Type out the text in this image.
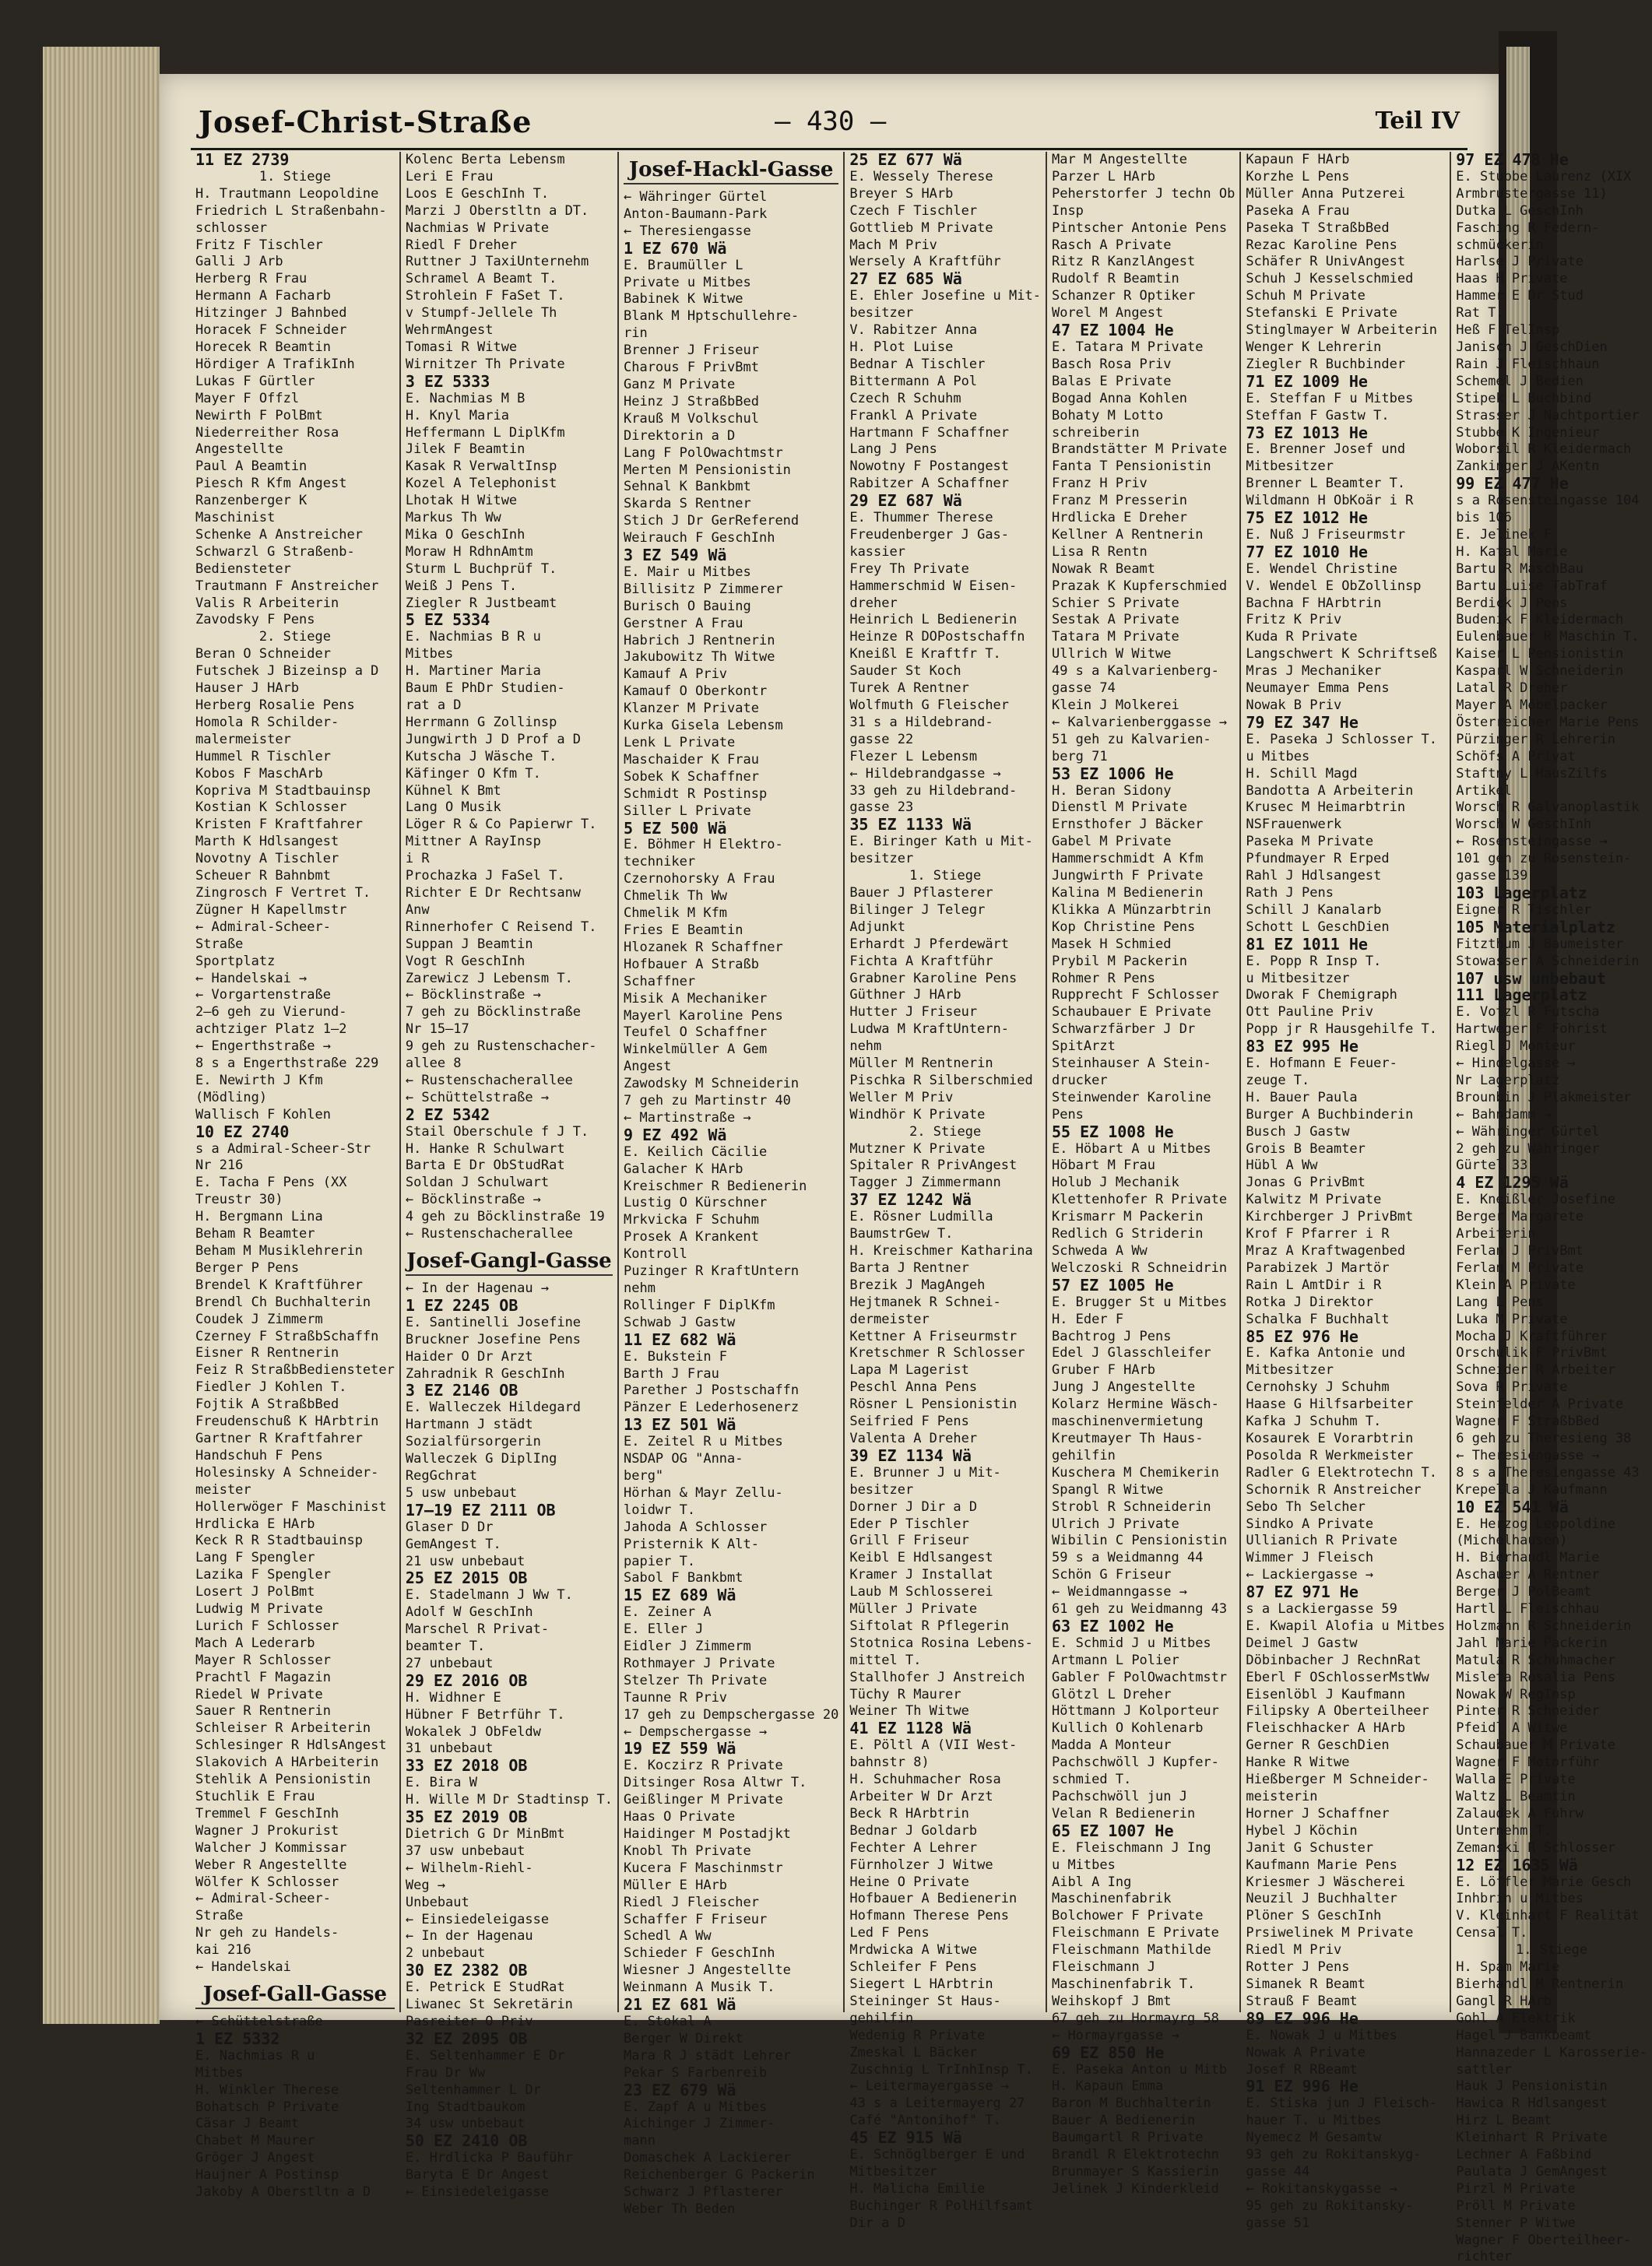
Josef-Christ-Straße	— 430 —	Teil IV
11 EZ 2739
1. Stiege
H. Trautmann Leopoldine
Friedrich L Straßenbahn-
schlosser
Fritz F Tischler
Galli J Arb
Herberg R Frau
Hermann A Facharb
Hitzinger J Bahnbed
Horacek F Schneider
Horecek R Beamtin
Hördiger A TrafikInh
Lukas F Gürtler
Mayer F Offzl
Newirth F PolBmt
Niederreither Rosa
Angestellte
Paul A Beamtin
Piesch R Kfm Angest
Ranzenberger K
Maschinist
Schenke A Anstreicher
Schwarzl G Straßenb-
Bediensteter
Trautmann F Anstreicher
Valis R Arbeiterin
Zavodsky F Pens
2. Stiege
Beran O Schneider
Futschek J Bizeinsp a D
Hauser J HArb
Herberg Rosalie Pens
Homola R Schilder-
malermeister
Hummel R Tischler
Kobos F MaschArb
Kopriva M Stadtbauinsp
Kostian K Schlosser
Kristen F Kraftfahrer
Marth K Hdlsangest
Novotny A Tischler
Scheuer R Bahnbmt
Zingrosch F Vertret T.
Zügner H Kapellmstr
← Admiral-Scheer-
Straße
Sportplatz
← Handelskai →
← Vorgartenstraße
2—6 geh zu Vierund-
achtziger Platz 1—2
← Engerthstraße →
8 s a Engerthstraße 229
E. Newirth J Kfm
(Mödling)
Wallisch F Kohlen
10 EZ 2740
s a Admiral-Scheer-Str
Nr 216
E. Tacha F Pens (XX
Treustr 30)
H. Bergmann Lina
Beham R Beamter
Beham M Musiklehrerin
Berger P Pens
Brendel K Kraftführer
Brendl Ch Buchhalterin
Coudek J Zimmerm
Czerney F StraßbSchaffn
Eisner R Rentnerin
Feiz R StraßbBediensteter
Fiedler J Kohlen T.
Fojtik A StraßbBed
Freudenschuß K HArbtrin
Gartner R Kraftfahrer
Handschuh F Pens
Holesinsky A Schneider-
meister
Hollerwöger F Maschinist
Hrdlicka E HArb
Keck R R Stadtbauinsp
Lang F Spengler
Lazika F Spengler
Losert J PolBmt
Ludwig M Private
Lurich F Schlosser
Mach A Lederarb
Mayer R Schlosser
Prachtl F Magazin
Riedel W Private
Sauer R Rentnerin
Schleiser R Arbeiterin
Schlesinger R HdlsAngest
Slakovich A HArbeiterin
Stehlik A Pensionistin
Stuchlik E Frau
Tremmel F GeschInh
Wagner J Prokurist
Walcher J Kommissar
Weber R Angestellte
Wölfer K Schlosser
← Admiral-Scheer-
Straße
Nr geh zu Handels-
kai 216
← Handelskai
Josef-Gall-Gasse
← Schüttelstraße
1 EZ 5332
E. Nachmias R u
Mitbes
H. Winkler Therese
Bohatsch P Private
Cäsar J Beamt
Chabet M Maurer
Gröger J Angest
Haujner A Postinsp
Jakoby A Oberstltn a D
Kolenc Berta Lebensm
Leri E Frau
Loos E GeschInh T.
Marzi J Oberstltn a DT.
Nachmias W Private
Riedl F Dreher
Ruttner J TaxiUnternehm
Schramel A Beamt T.
Strohlein F FaSet T.
v Stumpf-Jellele Th
WehrmAngest
Tomasi R Witwe
Wirnitzer Th Private
3 EZ 5333
E. Nachmias M B
H. Knyl Maria
Heffermann L DiplKfm
Jilek F Beamtin
Kasak R VerwaltInsp
Kozel A Telephonist
Lhotak H Witwe
Markus Th Ww
Mika O GeschInh
Moraw H RdhnAmtm
Sturm L Buchprüf T.
Weiß J Pens T.
Ziegler R Justbeamt
5 EZ 5334
E. Nachmias B R u
Mitbes
H. Martiner Maria
Baum E PhDr Studien-
rat a D
Herrmann G Zollinsp
Jungwirth J D Prof a D
Kutscha J Wäsche T.
Käfinger O Kfm T.
Kühnel K Bmt
Lang O Musik
Löger R & Co Papierwr T.
Mittner A RayInsp
i R
Prochazka J FaSel T.
Richter E Dr Rechtsanw
Anw
Rinnerhofer C Reisend T.
Suppan J Beamtin
Vogt R GeschInh
Zarewicz J Lebensm T.
← Böcklinstraße →
7 geh zu Böcklinstraße
Nr 15—17
9 geh zu Rustenschacher-
allee 8
← Rustenschacherallee
← Schüttelstraße →
2 EZ 5342
Stail Oberschule f J T.
H. Hanke R Schulwart
Barta E Dr ObStudRat
Soldan J Schulwart
← Böcklinstraße →
4 geh zu Böcklinstraße 19
← Rustenschacherallee
Josef-Gangl-Gasse
← In der Hagenau →
1 EZ 2245 OB
E. Santinelli Josefine
Bruckner Josefine Pens
Haider O Dr Arzt
Zahradnik R GeschInh
3 EZ 2146 OB
E. Walleczek Hildegard
Hartmann J städt
Sozialfürsorgerin
Walleczek G DiplIng
RegGchrat
5 usw unbebaut
17—19 EZ 2111 OB
Glaser D Dr
GemAngest T.
21 usw unbebaut
25 EZ 2015 OB
E. Stadelmann J Ww T.
Adolf W GeschInh
Marschel R Privat-
beamter T.
27 unbebaut
29 EZ 2016 OB
H. Widhner E
Hübner F Betrführ T.
Wokalek J ObFeldw
31 unbebaut
33 EZ 2018 OB
E. Bira W
H. Wille M Dr Stadtinsp T.
35 EZ 2019 OB
Dietrich G Dr MinBmt
37 usw unbebaut
← Wilhelm-Riehl-
Weg →
Unbebaut
← Einsiedeleigasse
← In der Hagenau
2 unbebaut
30 EZ 2382 OB
E. Petrick E StudRat
Liwanec St Sekretärin
Pasreiter O Priv
32 EZ 2095 OB
E. Seltenhammer E Dr
Frau Dr Ww
Seltenhammer L Dr
Ing Stadtbaukom
34 usw unbebaut
50 EZ 2410 OB
E. Hrdlicka P Bauführ
Baryta E Dr Angest
← Einsiedeleigasse
Josef-Hackl-Gasse
← Währinger Gürtel
Anton-Baumann-Park
← Theresiengasse
1 EZ 670 Wä
E. Braumüller L
Private u Mitbes
Babinek K Witwe
Blank M Hptschullehre-
rin
Brenner J Friseur
Charous F PrivBmt
Ganz M Private
Heinz J StraßbBed
Krauß M Volkschul
Direktorin a D
Lang F PolOwachtmstr
Merten M Pensionistin
Sehnal K Bankbmt
Skarda S Rentner
Stich J Dr GerReferend
Weirauch F GeschInh
3 EZ 549 Wä
E. Mair u Mitbes
Billisitz P Zimmerer
Burisch O Bauing
Gerstner A Frau
Habrich J Rentnerin
Jakubowitz Th Witwe
Kamauf A Priv
Kamauf O Oberkontr
Klanzer M Private
Kurka Gisela Lebensm
Lenk L Private
Maschaider K Frau
Sobek K Schaffner
Schmidt R Postinsp
Siller L Private
5 EZ 500 Wä
E. Böhmer H Elektro-
techniker
Czernohorsky A Frau
Chmelik Th Ww
Chmelik M Kfm
Fries E Beamtin
Hlozanek R Schaffner
Hofbauer A Straßb
Schaffner
Misik A Mechaniker
Mayerl Karoline Pens
Teufel O Schaffner
Winkelmüller A Gem
Angest
Zawodsky M Schneiderin
7 geh zu Martinstr 40
← Martinstraße →
9 EZ 492 Wä
E. Keilich Cäcilie
Galacher K HArb
Kreischmer R Bedienerin
Lustig O Kürschner
Mrkvicka F Schuhm
Prosek A Krankent
Kontroll
Puzinger R KraftUntern
nehm
Rollinger F DiplKfm
Schwab J Gastw
11 EZ 682 Wä
E. Bukstein F
Barth J Frau
Parether J Postschaffn
Pänzer E Lederhosenerz
13 EZ 501 Wä
E. Zeitel R u Mitbes
NSDAP OG "Anna-
berg"
Hörhan & Mayr Zellu-
loidwr T.
Jahoda A Schlosser
Pristernik K Alt-
papier T.
Sabol F Bankbmt
15 EZ 689 Wä
E. Zeiner A
E. Eller J
Eidler J Zimmerm
Rothmayer J Private
Stelzer Th Private
Taunne R Priv
17 geh zu Dempschergasse 20
← Dempschergasse →
19 EZ 559 Wä
E. Koczirz R Private
Ditsinger Rosa Altwr T.
Geißlinger M Private
Haas O Private
Haidinger M Postadjkt
Knobl Th Private
Kucera F Maschinmstr
Müller E HArb
Riedl J Fleischer
Schaffer F Friseur
Schedl A Ww
Schieder F GeschInh
Wiesner J Angestellte
Weinmann A Musik T.
21 EZ 681 Wä
E. Stokal A
Berger W Direkt
Mara R J städt Lehrer
Pekar S Farbenreib
23 EZ 679 Wä
E. Zapf A u Mitbes
Aichinger J Zimmer-
mann
Domaschek A Lackierer
Reichenberger G Packerin
Schwarz J Pflasterer
Weber Th Beden
25 EZ 677 Wä
E. Wessely Therese
Breyer S HArb
Czech F Tischler
Gottlieb M Private
Mach M Priv
Wersely A Kraftführ
27 EZ 685 Wä
E. Ehler Josefine u Mit-
besitzer
V. Rabitzer Anna
H. Plot Luise
Bednar A Tischler
Bittermann A Pol
Czech R Schuhm
Frankl A Private
Hartmann F Schaffner
Lang J Pens
Nowotny F Postangest
Rabitzer A Schaffner
29 EZ 687 Wä
E. Thummer Therese
Freudenberger J Gas-
kassier
Frey Th Private
Hammerschmid W Eisen-
dreher
Heinrich L Bedienerin
Heinze R DOPostschaffn
Kneißl E Kraftfr T.
Sauder St Koch
Turek A Rentner
Wolfmuth G Fleischer
31 s a Hildebrand-
gasse 22
Flezer L Lebensm
← Hildebrandgasse →
33 geh zu Hildebrand-
gasse 23
35 EZ 1133 Wä
E. Biringer Kath u Mit-
besitzer
1. Stiege
Bauer J Pflasterer
Bilinger J Telegr
Adjunkt
Erhardt J Pferdewärt
Fichta A Kraftführ
Grabner Karoline Pens
Güthner J HArb
Hutter J Friseur
Ludwa M KraftUntern-
nehm
Müller M Rentnerin
Pischka R Silberschmied
Weller M Priv
Windhör K Private
2. Stiege
Mutzner K Private
Spitaler R PrivAngest
Tagger J Zimmermann
37 EZ 1242 Wä
E. Rösner Ludmilla
BaumstrGew T.
H. Kreischmer Katharina
Barta J Rentner
Brezik J MagAngeh
Hejtmanek R Schnei-
dermeister
Kettner A Friseurmstr
Kretschmer R Schlosser
Lapa M Lagerist
Peschl Anna Pens
Rösner L Pensionistin
Seifried F Pens
Valenta A Dreher
39 EZ 1134 Wä
E. Brunner J u Mit-
besitzer
Dorner J Dir a D
Eder P Tischler
Grill F Friseur
Keibl E Hdlsangest
Kramer J Installat
Laub M Schlosserei
Müller J Private
Siftolat R Pflegerin
Stotnica Rosina Lebens-
mittel T.
Stallhofer J Anstreich
Tüchy R Maurer
Weiner Th Witwe
41 EZ 1128 Wä
E. Pöltl A (VII West-
bahnstr 8)
H. Schuhmacher Rosa
Arbeiter W Dr Arzt
Beck R HArbtrin
Bednar J Goldarb
Fechter A Lehrer
Fürnholzer J Witwe
Heine O Private
Hofbauer A Bedienerin
Hofmann Therese Pens
Led F Pens
Mrdwicka A Witwe
Schleifer F Pens
Siegert L HArbtrin
Steininger St Haus-
gehilfin
Wedenig R Private
Zmeskal L Bäcker
Zuschnig L TrInhInsp T.
← Leitermayergasse →
43 s a Leitermayerg 27
Café "Antonihof" T.
45 EZ 915 Wä
E. Schnöglberger E und
Mitbesitzer
H. Malicha Emilie
Buchinger R PolHilfsamt
Dir a D
Mar M Angestellte
Parzer L HArb
Peherstorfer J techn Ob
Insp
Pintscher Antonie Pens
Rasch A Private
Ritz R KanzlAngest
Rudolf R Beamtin
Schanzer R Optiker
Worel M Angest
47 EZ 1004 He
E. Tatara M Private
Basch Rosa Priv
Balas E Private
Bogad Anna Kohlen
Bohaty M Lotto
schreiberin
Brandstätter M Private
Fanta T Pensionistin
Franz H Priv
Franz M Presserin
Hrdlicka E Dreher
Kellner A Rentnerin
Lisa R Rentn
Nowak R Beamt
Prazak K Kupferschmied
Schier S Private
Sestak A Private
Tatara M Private
Ullrich W Witwe
49 s a Kalvarienberg-
gasse 74
Klein J Molkerei
← Kalvarienberggasse →
51 geh zu Kalvarien-
berg 71
53 EZ 1006 He
H. Beran Sidony
Dienstl M Private
Ernsthofer J Bäcker
Gabel M Private
Hammerschmidt A Kfm
Jungwirth F Private
Kalina M Bedienerin
Klikka A Münzarbtrin
Kop Christine Pens
Masek H Schmied
Prybil M Packerin
Rohmer R Pens
Rupprecht F Schlosser
Schaubauer E Private
Schwarzfärber J Dr
SpitArzt
Steinhauser A Stein-
drucker
Steinwender Karoline
Pens
55 EZ 1008 He
E. Höbart A u Mitbes
Höbart M Frau
Holub J Mechanik
Klettenhofer R Private
Krismarr M Packerin
Redlich G Striderin
Schweda A Ww
Welczoski R Schneidrin
57 EZ 1005 He
E. Brugger St u Mitbes
H. Eder F
Bachtrog J Pens
Edel J Glasschleifer
Gruber F HArb
Jung J Angestellte
Kolarz Hermine Wäsch-
maschinenvermietung
Kreutmayer Th Haus-
gehilfin
Kuschera M Chemikerin
Spangl R Witwe
Strobl R Schneiderin
Ulrich J Private
Wibilin C Pensionistin
59 s a Weidmanng 44
Schön G Friseur
← Weidmanngasse →
61 geh zu Weidmanng 43
63 EZ 1002 He
E. Schmid J u Mitbes
Artmann L Polier
Gabler F PolOwachtmstr
Glötzl L Dreher
Höttmann J Kolporteur
Kullich O Kohlenarb
Madda A Monteur
Pachschwöll J Kupfer-
schmied T.
Pachschwöll jun J
Velan R Bedienerin
65 EZ 1007 He
E. Fleischmann J Ing
u Mitbes
Aibl A Ing
Maschinenfabrik
Bolchower F Private
Fleischmann E Private
Fleischmann Mathilde
Fleischmann J
Maschinenfabrik T.
Weihskopf J Bmt
67 geh zu Hormayrg 58
← Hormayrgasse →
69 EZ 850 He
E. Paseka Anton u Mitb
H. Kapaun Emma
Baron M Buchhalterin
Bauer A Bedienerin
Baumgartl R Private
Brandl R Elektrotechn
Brunmayer S Kassierin
Jelinek J Kinderkleid
Kapaun F HArb
Korzhe L Pens
Müller Anna Putzerei
Paseka A Frau
Paseka T StraßbBed
Rezac Karoline Pens
Schäfer R UnivAngest
Schuh J Kesselschmied
Schuh M Private
Stefanski E Private
Stinglmayer W Arbeiterin
Wenger K Lehrerin
Ziegler R Buchbinder
71 EZ 1009 He
E. Steffan F u Mitbes
Steffan F Gastw T.
73 EZ 1013 He
E. Brenner Josef und
Mitbesitzer
Brenner L Beamter T.
Wildmann H ObKoär i R
75 EZ 1012 He
E. Nuß J Friseurmstr
77 EZ 1010 He
E. Wendel Christine
V. Wendel E ObZollinsp
Bachna F HArbtrin
Fritz K Priv
Kuda R Private
Langschwert K Schriftseß
Mras J Mechaniker
Neumayer Emma Pens
Nowak B Priv
79 EZ 347 He
E. Paseka J Schlosser T.
u Mitbes
H. Schill Magd
Bandotta A Arbeiterin
Krusec M Heimarbtrin
NSFrauenwerk
Paseka M Private
Pfundmayer R Erped
Rahl J Hdlsangest
Rath J Pens
Schill J Kanalarb
Schott L GeschDien
81 EZ 1011 He
E. Popp R Insp T.
u Mitbesitzer
Dworak F Chemigraph
Ott Pauline Priv
Popp jr R Hausgehilfe T.
83 EZ 995 He
E. Hofmann E Feuer-
zeuge T.
H. Bauer Paula
Burger A Buchbinderin
Busch J Gastw
Grois B Beamter
Hübl A Ww
Jonas G PrivBmt
Kalwitz M Private
Kirchberger J PrivBmt
Krof F Pfarrer i R
Mraz A Kraftwagenbed
Parabizek J Martör
Rain L AmtDir i R
Rotka J Direktor
Schalka F Buchhalt
85 EZ 976 He
E. Kafka Antonie und
Mitbesitzer
Cernohsky J Schuhm
Haase G Hilfsarbeiter
Kafka J Schuhm T.
Kosaurek E Vorarbtrin
Posolda R Werkmeister
Radler G Elektrotechn T.
Schornik R Anstreicher
Sebo Th Selcher
Sindko A Private
Ullianich R Private
Wimmer J Fleisch
← Lackiergasse →
87 EZ 971 He
s a Lackiergasse 59
E. Kwapil Alofia u Mitbes
Deimel J Gastw
Döbinbacher J RechnRat
Eberl F OSchlosserMstWw
Eisenlöbl J Kaufmann
Filipsky A Oberteilheer
Fleischhacker A HArb
Gerner R GeschDien
Hanke R Witwe
Hießberger M Schneider-
meisterin
Horner J Schaffner
Hybel J Köchin
Janit G Schuster
Kaufmann Marie Pens
Kriesmer J Wäscherei
Neuzil J Buchhalter
Plöner S GeschInh
Prsiwelinek M Private
Riedl M Priv
Rotter J Pens
Simanek R Beamt
Strauß F Beamt
89 EZ 996 He
E. Nowak J u Mitbes
Nowak A Private
Josef R RBeamt
91 EZ 996 He
E. Stiska jun J Fleisch-
hauer T. u Mitbes
Nyemecz M Gesamtw
93 geh zu Rokitanskyg-
gasse 44
← Rokitanskygasse →
95 geh zu Rokitansky-
gasse 51
97 EZ 478 He
E. Stubbe Laurenz (XIX
Armbrustergasse 11)
Dutka L GeschInh
Fasching R Federn-
schmückerin
Harlse J Private
Haas H Private
Hammer E Dr Stud
Rat T.
Heß F TelInsp
Janisch J GeschDien
Rain J Fleischhaun
Schemel J Bedien
Stipek L Buchbind
Strasser J Nachtportier
Stubbe K Ingenieur
Woborsil R Kleidermach
Zankinger J AKentn
99 EZ 477 He
s a Rosensteingasse 104
bis 106
E. Jelinek F
H. Katal Marie
Bartu R MaschBau
Bartu Luise TabTraf
Berdick J Pens
Budenik F Kleidermach
Eulenbauer R Maschin T.
Kaiser L Pensionistin
Kasparl W Schneiderin
Latal R Dreher
Mayer A Möbelpacker
Österreicher Marie Pens
Pürzinger R Lehrerin
Schöfs A Privat
Staftny L HausZilfs
Artikel
Worsch R Galvanoplastik
Worsch W GeschInh
← Rosensteingasse →
101 geh zu Rosenstein-
gasse 139
103 Lagerplatz
Eigner R Tischler
105 Materialplatz
Fitzthum J Baumeister
Stowasser A Schneiderin
107 usw unbebaut
111 Lagerplatz
E. Votzl R Futscha
Hartweger F Fohrist
Riegl J Monteur
← Hindelgasse →
Nr Lagerplatz
Brounbin J Plakmeister
← Bahndamm →
← Währinger Gürtel
2 geh zu Währinger
Gürtel 33
4 EZ 1295 Wä
E. Kneißler Josefine
Berger Margarete
Arbeiterin
Ferlan J PrivBmt
Ferlan M Private
Klein A Private
Lang L Pens
Luka M Private
Mocha J Kraftführer
Orschulik F PrivBmt
Schneider R Arbeiter
Sova R Private
Steinfelder A Private
Wagner F StraßbBed
6 geh zu Theresieng 38
← Theresiengasse →
8 s a Theresiengasse 43
Krepella J Kaufmann
10 EZ 541 Wä
E. Herzog Leopoldine
(Michelhausen)
H. Bierhandl Marie
Aschauer A Rentner
Berger J PolBeamt
Hartl L Fleischhau
Holzmann R Schneiderin
Jahl Marie Packerin
Matula R Schuhmacher
Misleta Rosalia Pens
Nowak W RegInsp
Pinter R Schneider
Pfeidl A Witwe
Schaubauer M Private
Wagner F Motorführ
Walla E Private
Waltz L Beamtin
Zalaudek A Fuhrw
Unternehm T.
Zemanski R Schlosser
12 EZ 1635 Wä
E. Löffler Marie Gesch
Inhbrin u Mitbes
V. Kleinhart F Realität
Censal T.
1. Stiege
H. Spam Marie
Bierhandl M Rentnerin
Gangl R HArb
Gohl A Elektrik
Hagel J Bankbeamt
Hannazeder L Karosserie-
sattler
Hauk J Pensionistin
Hawica R Hdlsangest
Hirz L Beamt
Kleinhart R Private
Lechner A Faßbind
Paulata J GemAngest
Pirzl M Private
Pröll M Private
Stenner P Witwe
Wagner F Oberteilheer-
richter
